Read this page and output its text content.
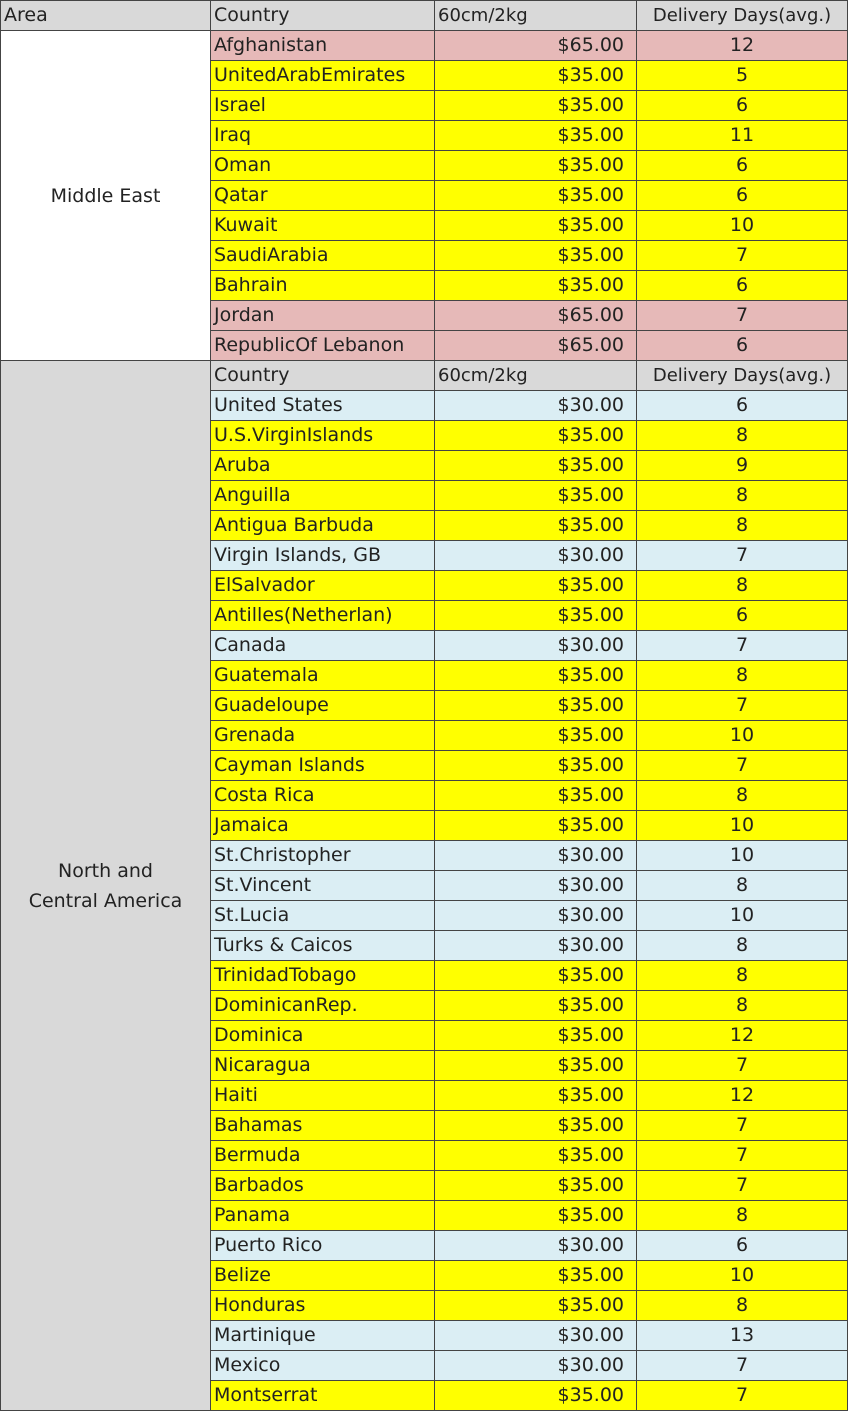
Area	Country	60cm/2kg	Delivery Days(avg.)

Middle East	Afghanistan	$65.00	12
	UnitedArabEmirates	$35.00	5
	Israel	$35.00	6
	Iraq	$35.00	11
	Oman	$35.00	6
	Qatar	$35.00	6
	Kuwait	$35.00	10
	SaudiArabia	$35.00	7
	Bahrain	$35.00	6
	Jordan	$65.00	7
	RepublicOf Lebanon	$65.00	6

North and
Central America	Country	60cm/2kg	Delivery Days(avg.)
	United States	$30.00	6
	U.S.VirginIslands	$35.00	8
	Aruba	$35.00	9
	Anguilla	$35.00	8
	Antigua Barbuda	$35.00	8
	Virgin Islands, GB	$30.00	7
	ElSalvador	$35.00	8
	Antilles(Netherlan)	$35.00	6
	Canada	$30.00	7
	Guatemala	$35.00	8
	Guadeloupe	$35.00	7
	Grenada	$35.00	10
	Cayman Islands	$35.00	7
	Costa Rica	$35.00	8
	Jamaica	$35.00	10
	St.Christopher	$30.00	10
	St.Vincent	$30.00	8
	St.Lucia	$30.00	10
	Turks & Caicos	$30.00	8
	TrinidadTobago	$35.00	8
	DominicanRep.	$35.00	8
	Dominica	$35.00	12
	Nicaragua	$35.00	7
	Haiti	$35.00	12
	Bahamas	$35.00	7
	Bermuda	$35.00	7
	Barbados	$35.00	7
	Panama	$35.00	8
	Puerto Rico	$30.00	6
	Belize	$35.00	10
	Honduras	$35.00	8
	Martinique	$30.00	13
	Mexico	$30.00	7
	Montserrat	$35.00	7
